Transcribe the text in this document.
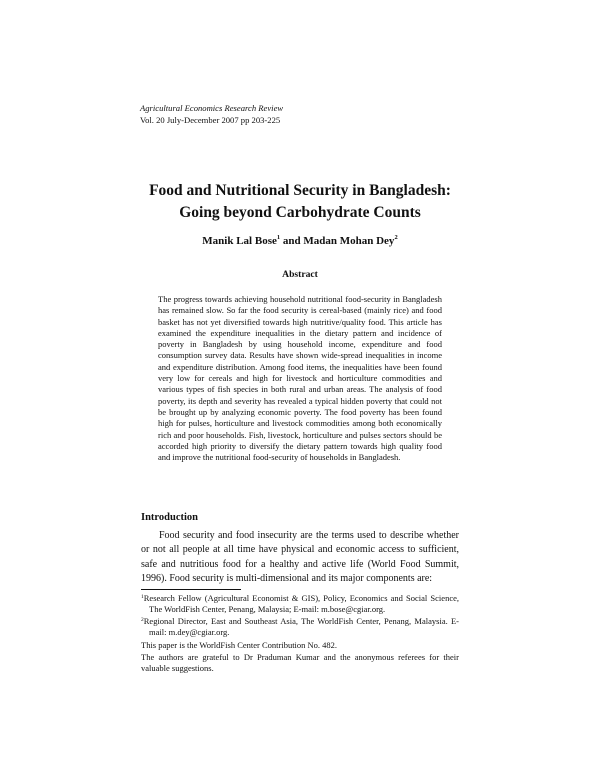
Agricultural Economics Research Review
Vol. 20 July-December 2007 pp 203-225
Food and Nutritional Security in Bangladesh:
Going beyond Carbohydrate Counts
Manik Lal Bose$^1$ and Madan Mohan Dey$^2$
Abstract
The progress towards achieving household nutritional food-security in Bangladesh has remained slow. So far the food security is cereal-based (mainly rice) and food basket has not yet diversified towards high nutritive/quality food. This article has examined the expenditure inequalities in the dietary pattern and incidence of poverty in Bangladesh by using household income, expenditure and food consumption survey data. Results have shown wide-spread inequalities in income and expenditure distribution. Among food items, the inequalities have been found very low for cereals and high for livestock and horticulture commodities and various types of fish species in both rural and urban areas. The analysis of food poverty, its depth and severity has revealed a typical hidden poverty that could not be brought up by analyzing economic poverty. The food poverty has been found high for pulses, horticulture and livestock commodities among both economically rich and poor households. Fish, livestock, horticulture and pulses sectors should be accorded high priority to diversify the dietary pattern towards high quality food and improve the nutritional food-security of households in Bangladesh.
Introduction
Food security and food insecurity are the terms used to describe whether or not all people at all time have physical and economic access to sufficient, safe and nutritious food for a healthy and active life (World Food Summit, 1996). Food security is multi-dimensional and its major components are:
$^1$Research Fellow (Agricultural Economist & GIS), Policy, Economics and Social Science, The WorldFish Center, Penang, Malaysia; E-mail: m.bose@cgiar.org.
$^2$Regional Director, East and Southeast Asia, The WorldFish Center, Penang, Malaysia. E-mail: m.dey@cgiar.org.
This paper is the WorldFish Center Contribution No. 482.
The authors are grateful to Dr Praduman Kumar and the anonymous referees for their valuable suggestions.
